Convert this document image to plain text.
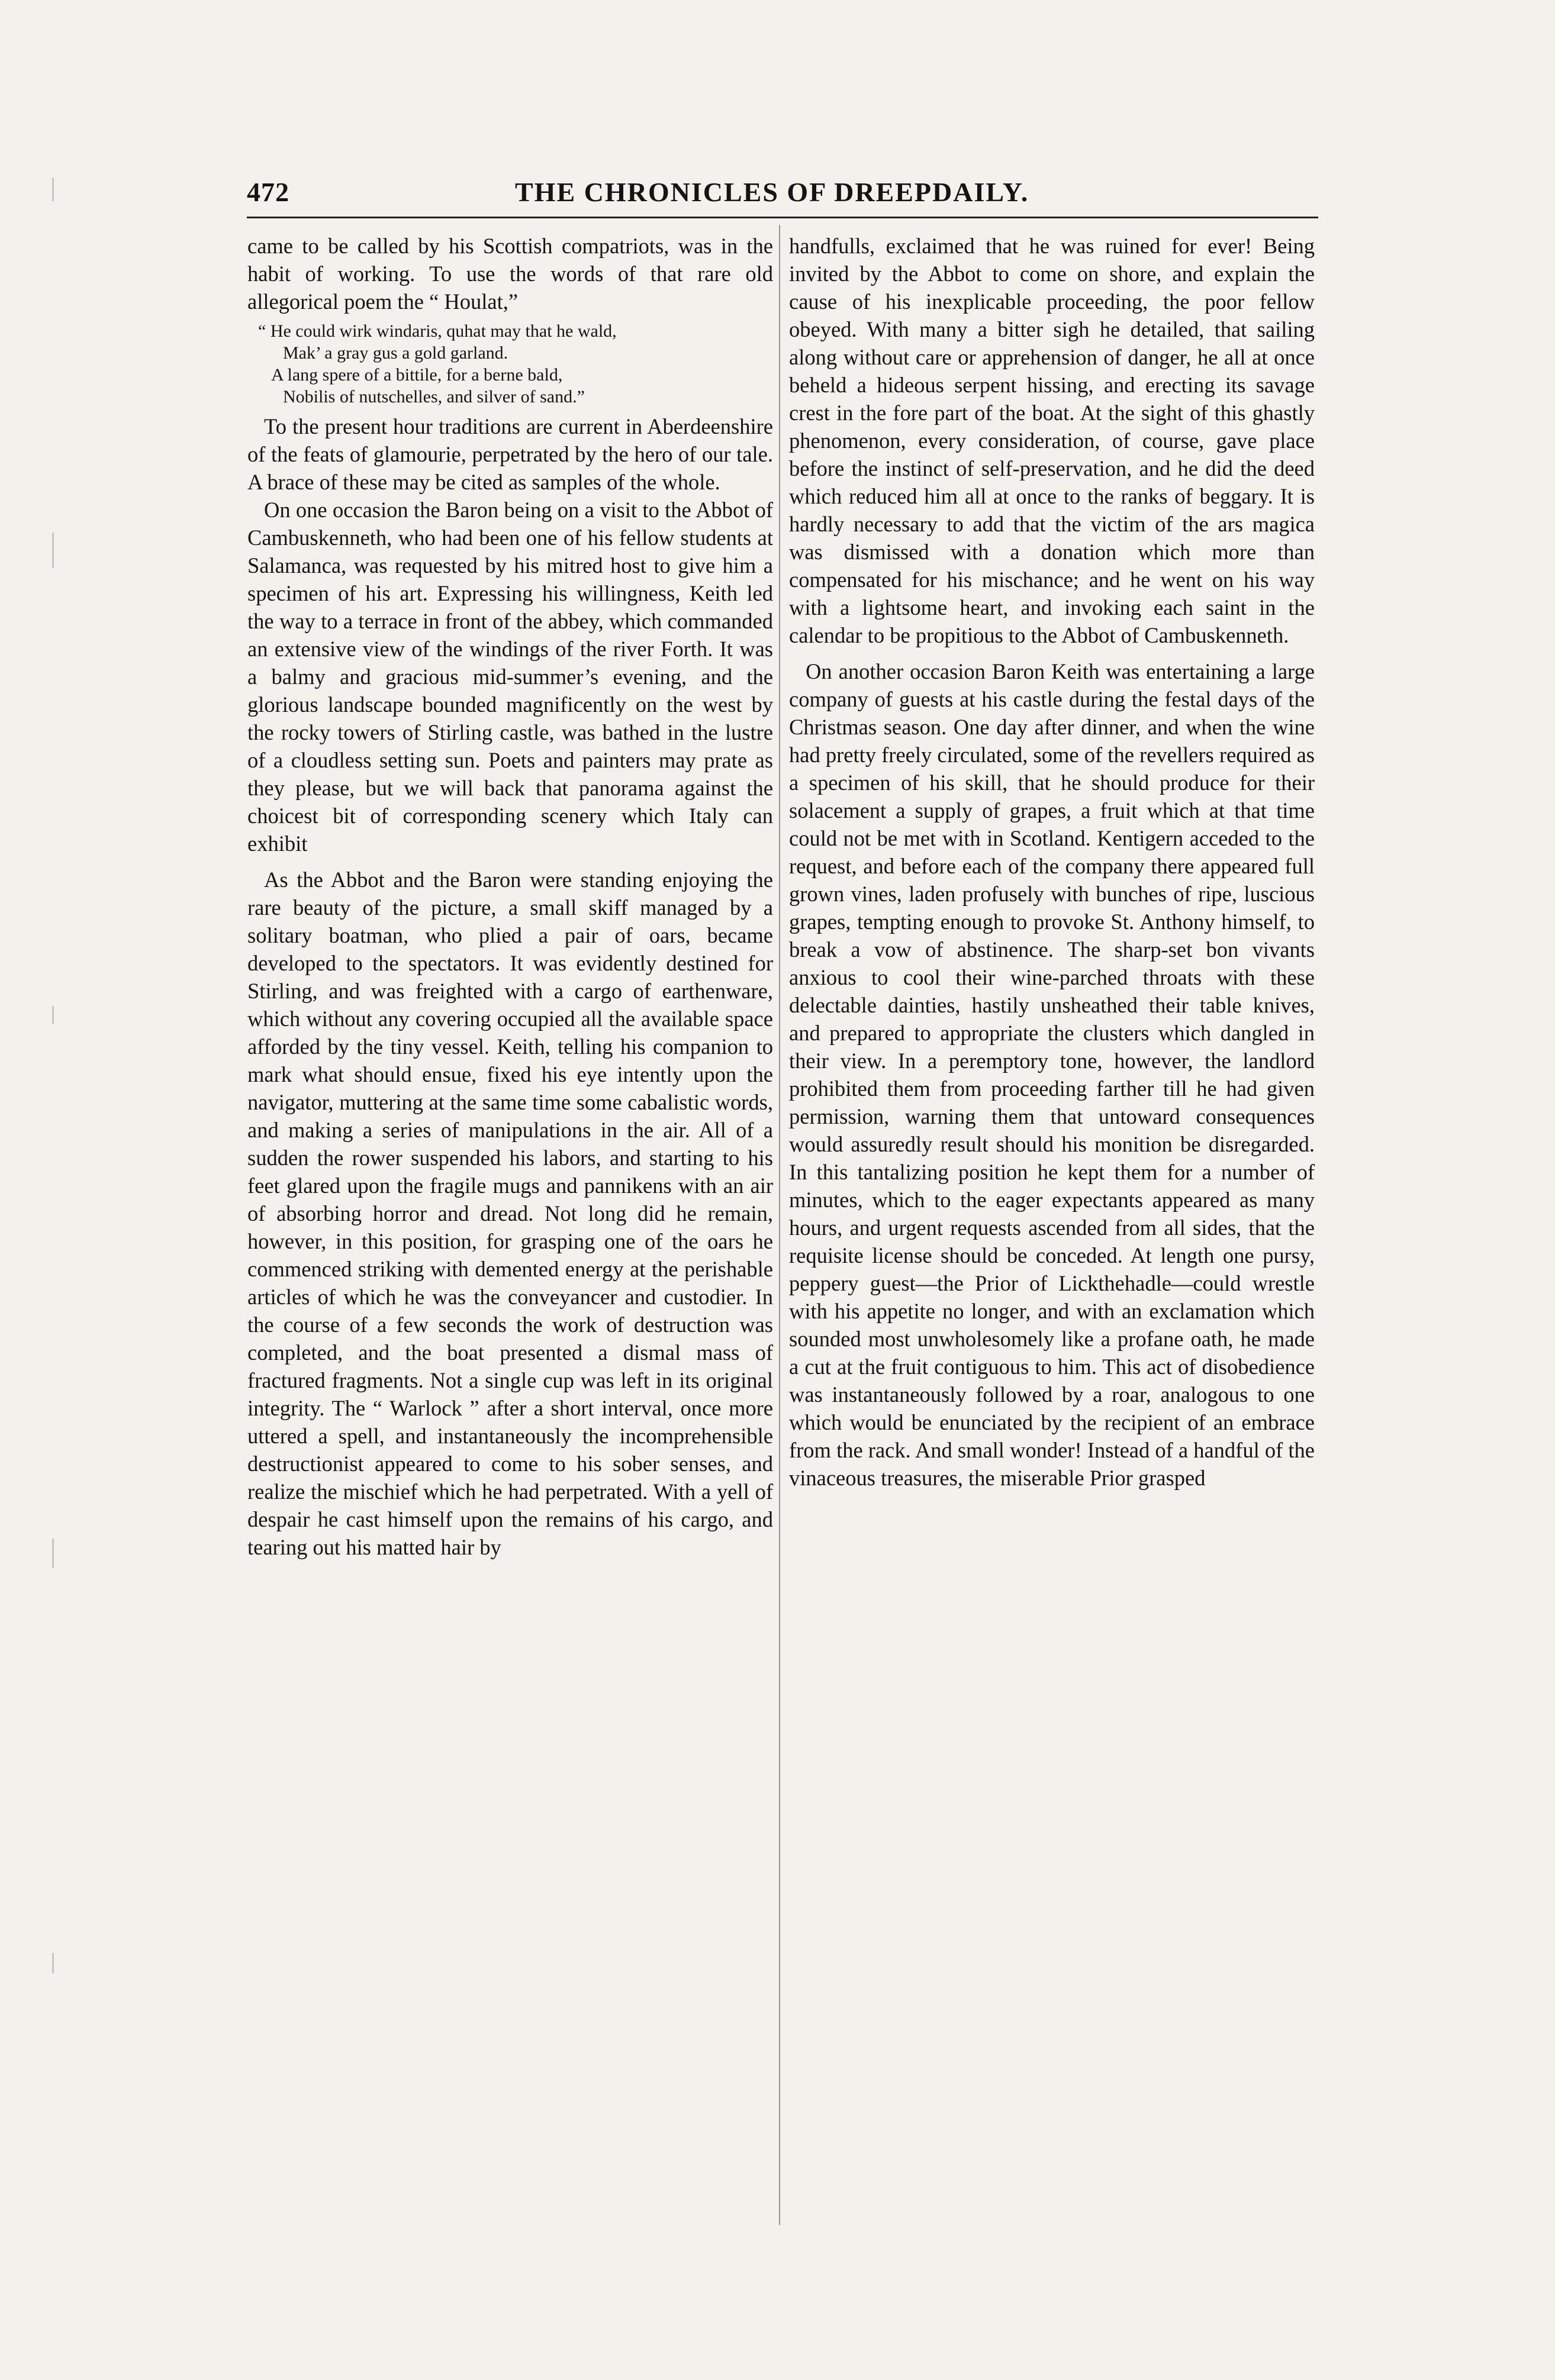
472	THE CHRONICLES OF DREEPDAILY.

came to be called by his Scottish compatriots, was in the habit of working. To use the words of that rare old allegorical poem the “ Houlat,”

“ He could wirk windaris, quhat may that he wald,
Mak’ a gray gus a gold garland.
A lang spere of a bittile, for a berne bald,
Nobilis of nutschelles, and silver of sand.”

To the present hour traditions are current in Aberdeenshire of the feats of glamourie, perpetrated by the hero of our tale. A brace of these may be cited as samples of the whole.

On one occasion the Baron being on a visit to the Abbot of Cambuskenneth, who had been one of his fellow students at Salamanca, was requested by his mitred host to give him a specimen of his art. Expressing his willingness, Keith led the way to a terrace in front of the abbey, which commanded an extensive view of the windings of the river Forth. It was a balmy and gracious mid-summer’s evening, and the glorious landscape bounded magnificently on the west by the rocky towers of Stirling castle, was bathed in the lustre of a cloudless setting sun. Poets and painters may prate as they please, but we will back that panorama against the choicest bit of corresponding scenery which Italy can exhibit

As the Abbot and the Baron were standing enjoying the rare beauty of the picture, a small skiff managed by a solitary boatman, who plied a pair of oars, became developed to the spectators. It was evidently destined for Stirling, and was freighted with a cargo of earthenware, which without any covering occupied all the available space afforded by the tiny vessel. Keith, telling his companion to mark what should ensue, fixed his eye intently upon the navigator, muttering at the same time some cabalistic words, and making a series of manipulations in the air. All of a sudden the rower suspended his labors, and starting to his feet glared upon the fragile mugs and pannikens with an air of absorbing horror and dread. Not long did he remain, however, in this position, for grasping one of the oars he commenced striking with demented energy at the perishable articles of which he was the conveyancer and custodier. In the course of a few seconds the work of destruction was completed, and the boat presented a dismal mass of fractured fragments. Not a single cup was left in its original integrity. The “ Warlock ” after a short interval, once more uttered a spell, and instantaneously the incomprehensible destructionist appeared to come to his sober senses, and realize the mischief which he had perpetrated. With a yell of despair he cast himself upon the remains of his cargo, and tearing out his matted hair by

handfulls, exclaimed that he was ruined for ever! Being invited by the Abbot to come on shore, and explain the cause of his inexplicable proceeding, the poor fellow obeyed. With many a bitter sigh he detailed, that sailing along without care or apprehension of danger, he all at once beheld a hideous serpent hissing, and erecting its savage crest in the fore part of the boat. At the sight of this ghastly phenomenon, every consideration, of course, gave place before the instinct of self-preservation, and he did the deed which reduced him all at once to the ranks of beggary. It is hardly necessary to add that the victim of the ars magica was dismissed with a donation which more than compensated for his mischance; and he went on his way with a lightsome heart, and invoking each saint in the calendar to be propitious to the Abbot of Cambuskenneth.

On another occasion Baron Keith was entertaining a large company of guests at his castle during the festal days of the Christmas season. One day after dinner, and when the wine had pretty freely circulated, some of the revellers required as a specimen of his skill, that he should produce for their solacement a supply of grapes, a fruit which at that time could not be met with in Scotland. Kentigern acceded to the request, and before each of the company there appeared full grown vines, laden profusely with bunches of ripe, luscious grapes, tempting enough to provoke St. Anthony himself, to break a vow of abstinence. The sharp-set bon vivants anxious to cool their wine-parched throats with these delectable dainties, hastily unsheathed their table knives, and prepared to appropriate the clusters which dangled in their view. In a peremptory tone, however, the landlord prohibited them from proceeding farther till he had given permission, warning them that untoward consequences would assuredly result should his monition be disregarded. In this tantalizing position he kept them for a number of minutes, which to the eager expectants appeared as many hours, and urgent requests ascended from all sides, that the requisite license should be conceded. At length one pursy, peppery guest—the Prior of Lickthehadle—could wrestle with his appetite no longer, and with an exclamation which sounded most unwholesomely like a profane oath, he made a cut at the fruit contiguous to him. This act of disobedience was instantaneously followed by a roar, analogous to one which would be enunciated by the recipient of an embrace from the rack. And small wonder! Instead of a handful of the vinaceous treasures, the miserable Prior grasped
